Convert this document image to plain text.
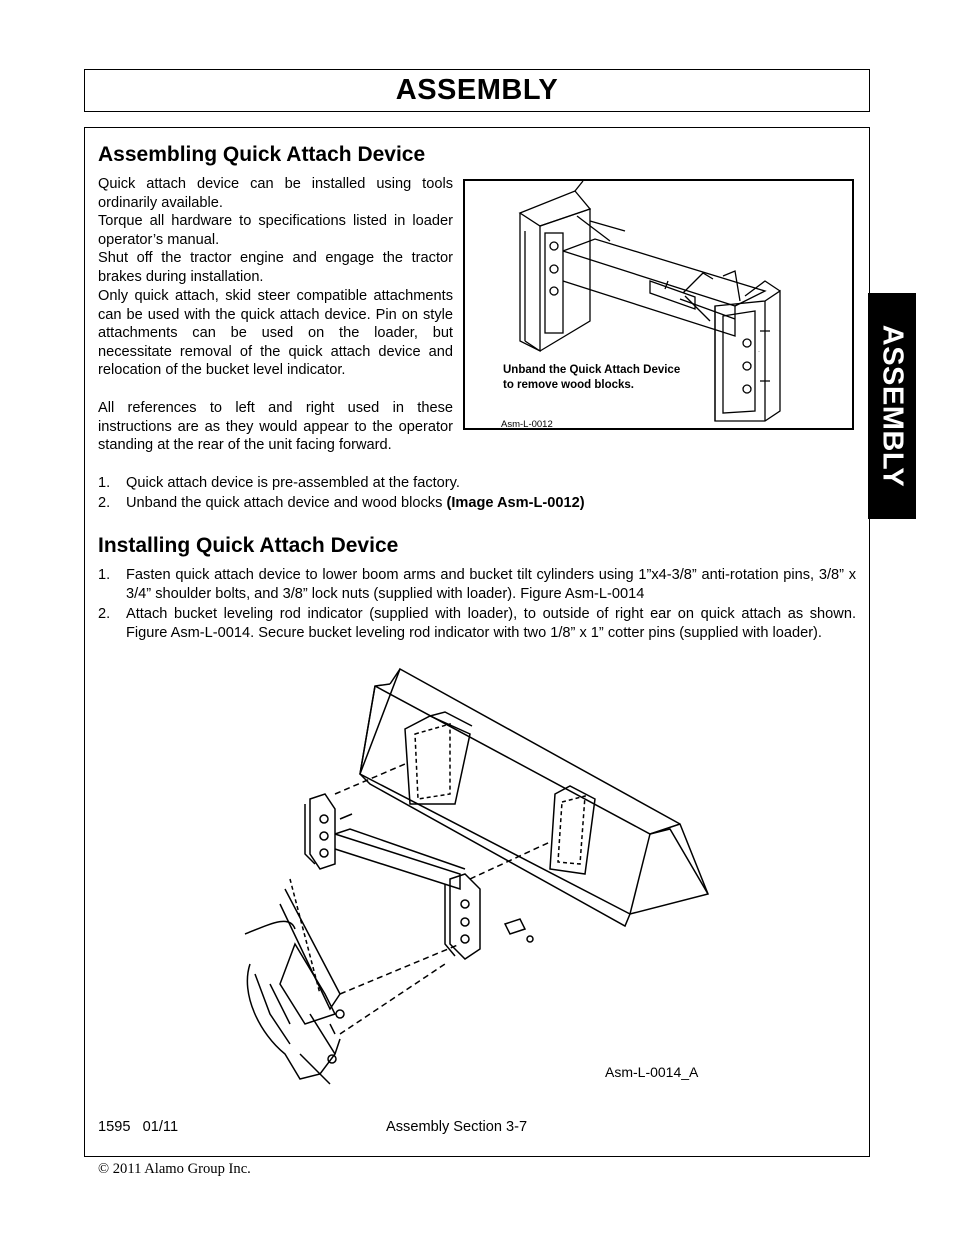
ASSEMBLY
ASSEMBLY
Assembling Quick Attach Device

Quick attach device can be installed using tools ordinarily available.

Torque all hardware to specifications listed in loader operator’s manual.

Shut off the tractor engine and engage the tractor brakes during installation.

Only quick attach, skid steer compatible attachments can be used with the quick attach device. Pin on style attachments can be used on the loader, but necessitate removal of the quick attach device and relocation of the bucket level indicator.

All references to left and right used in these instructions are as they would appear to the operator standing at the rear of the unit facing forward.

1. Quick attach device is pre-assembled at the factory.
2. Unband the quick attach device and wood blocks (Image Asm-L-0012)
·
Unband the Quick Attach Device
to remove wood blocks.
Asm-L-0012
Installing Quick Attach Device
1. Fasten quick attach device to lower boom arms and bucket tilt cylinders using 1”x4-3/8” anti-rotation pins, 3/8” x 3/4” shoulder bolts, and 3/8” lock nuts (supplied with loader). Figure Asm-L-0014
2. Attach bucket leveling rod indicator (supplied with loader), to outside of right ear on quick attach as shown. Figure Asm-L-0014. Secure bucket leveling rod indicator with two 1/8” x 1” cotter pins (supplied with loader).
Asm-L-0014_A
1595   01/11	Assembly Section 3-7
© 2011 Alamo Group Inc.
